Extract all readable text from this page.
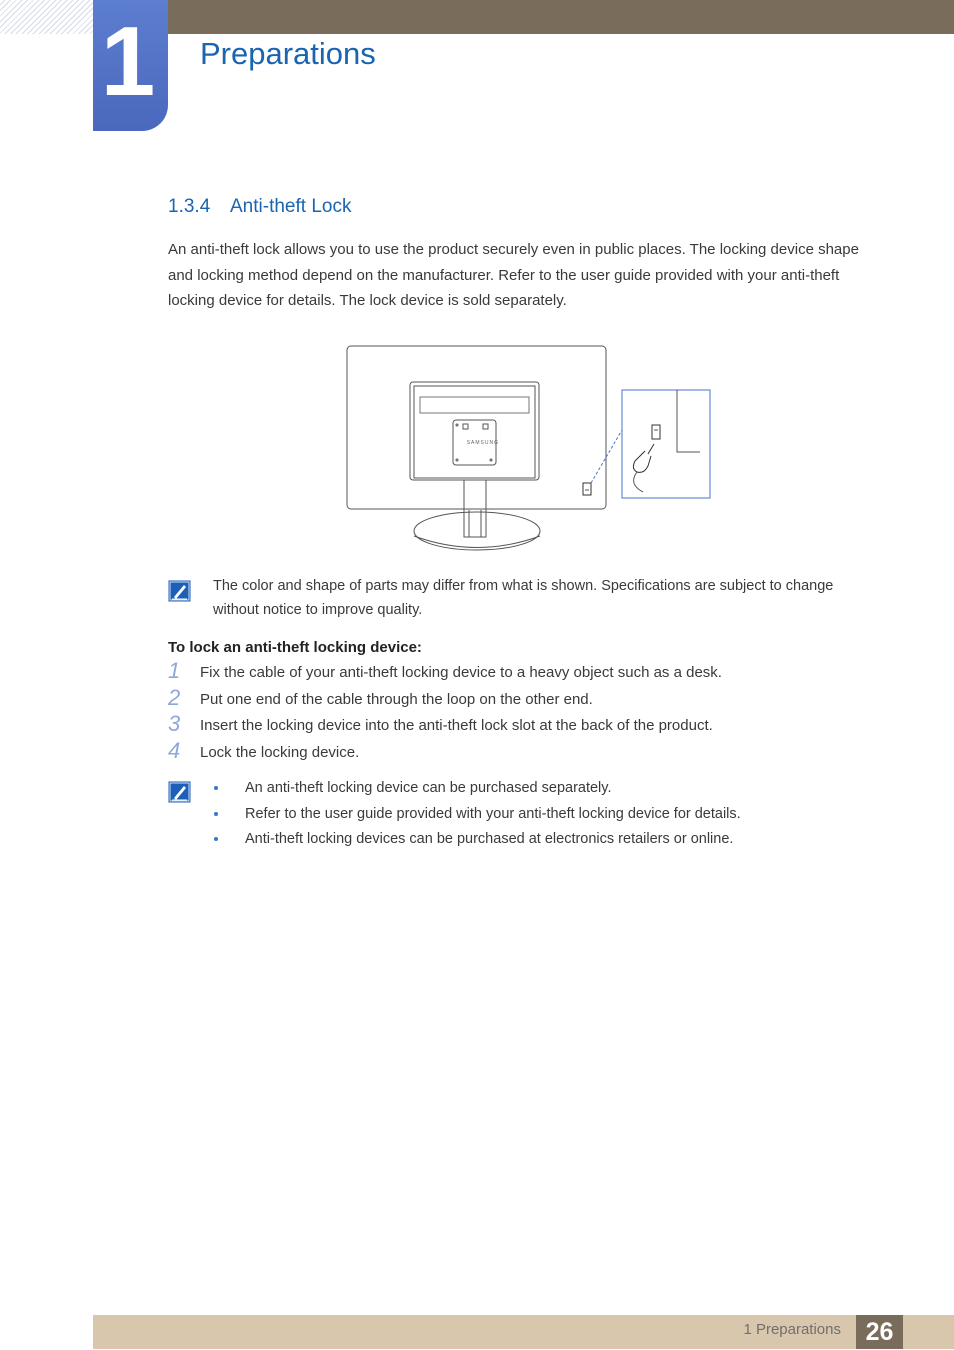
1 Preparations
1.3.4 Anti-theft Lock

An anti-theft lock allows you to use the product securely even in public places. The locking device shape and locking method depend on the manufacturer. Refer to the user guide provided with your anti-theft locking device for details. The lock device is sold separately.

SAMSUNG

The color and shape of parts may differ from what is shown. Specifications are subject to change without notice to improve quality.

To lock an anti-theft locking device:
1 Fix the cable of your anti-theft locking device to a heavy object such as a desk.
2 Put one end of the cable through the loop on the other end.
3 Insert the locking device into the anti-theft lock slot at the back of the product.
4 Lock the locking device.
An anti-theft locking device can be purchased separately.
Refer to the user guide provided with your anti-theft locking device for details.
Anti-theft locking devices can be purchased at electronics retailers or online.
1 Preparations 26
